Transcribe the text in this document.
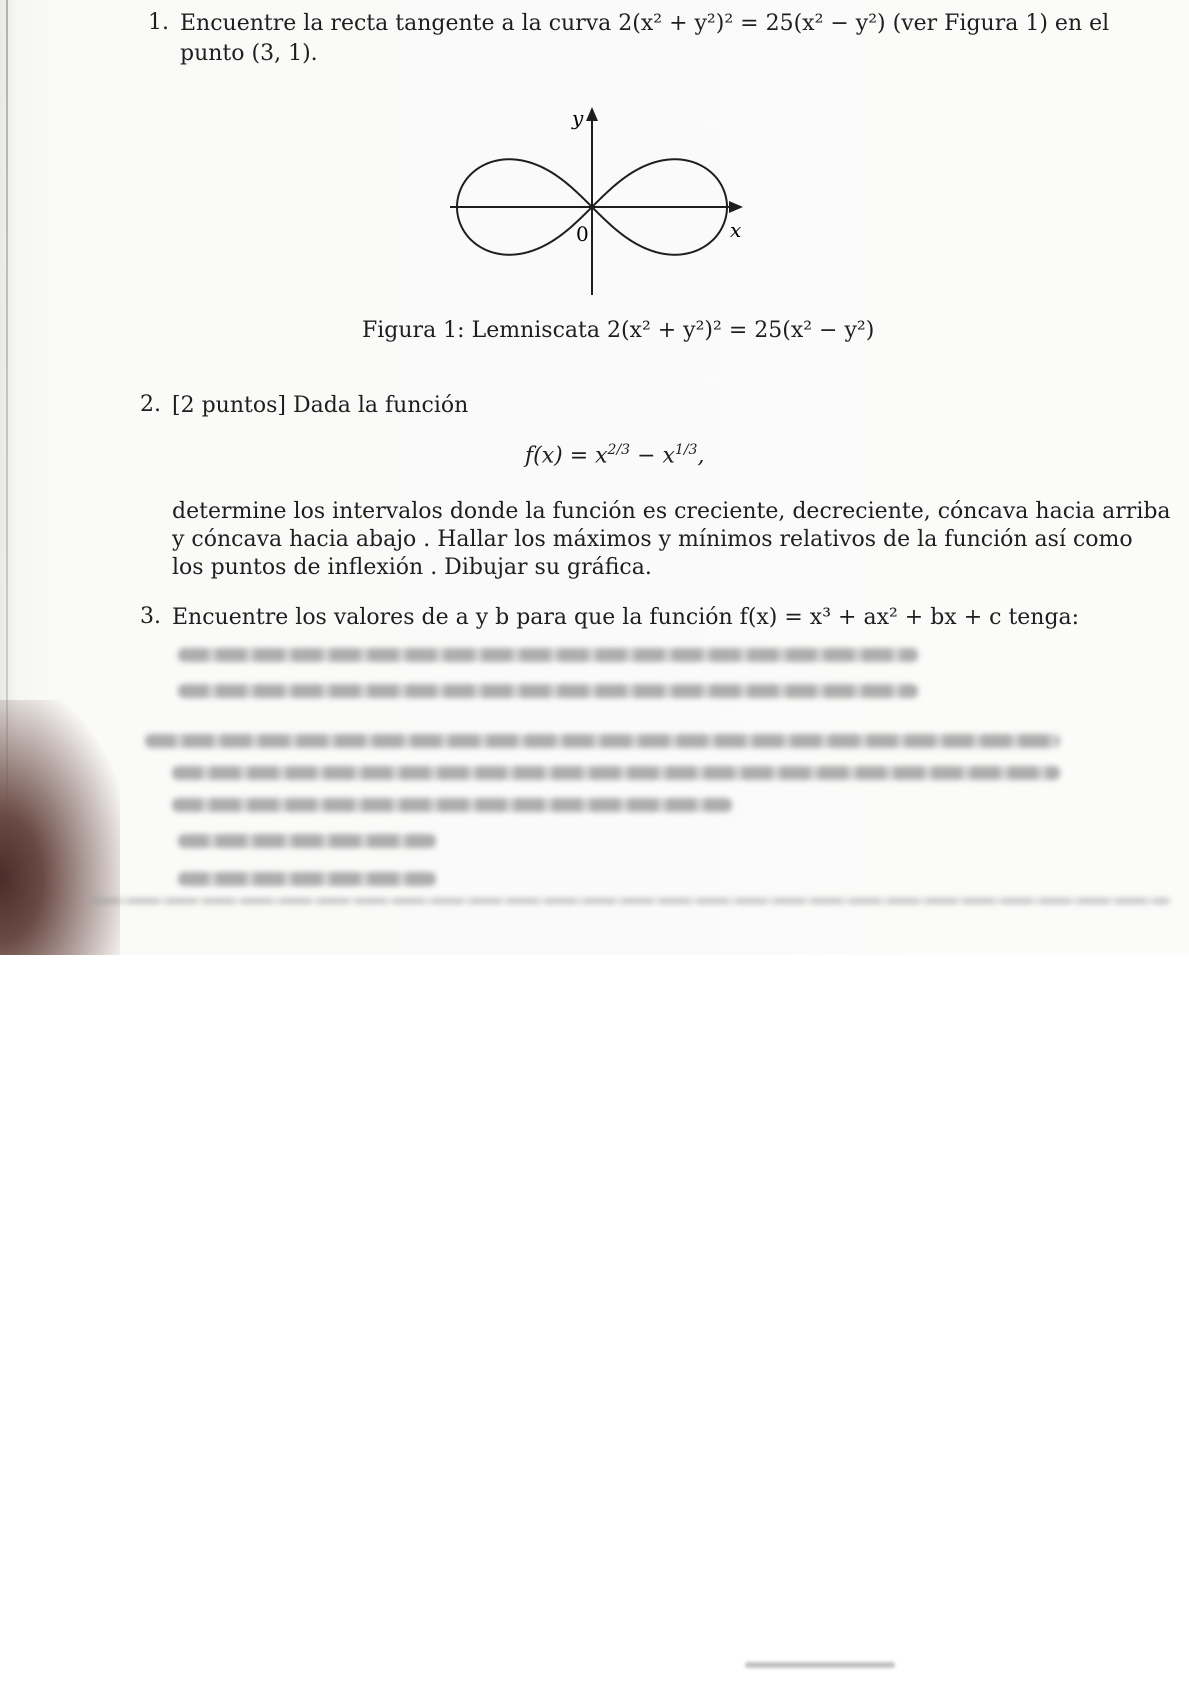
1. Encuentre la recta tangente a la curva 2(x² + y²)² = 25(x² − y²) (ver Figura 1) en el
punto (3, 1).
y
x
0
Figura 1: Lemniscata 2(x² + y²)² = 25(x² − y²)
2. [2 puntos] Dada la función
$f(x) = x^{2/3} - x^{1/3}$,
determine los intervalos donde la función es creciente, decreciente, cóncava hacia arriba
y cóncava hacia abajo . Hallar los máximos y mínimos relativos de la función así como
los puntos de inflexión . Dibujar su gráfica.
3. Encuentre los valores de a y b para que la función f(x) = x³ + ax² + bx + c tenga:
